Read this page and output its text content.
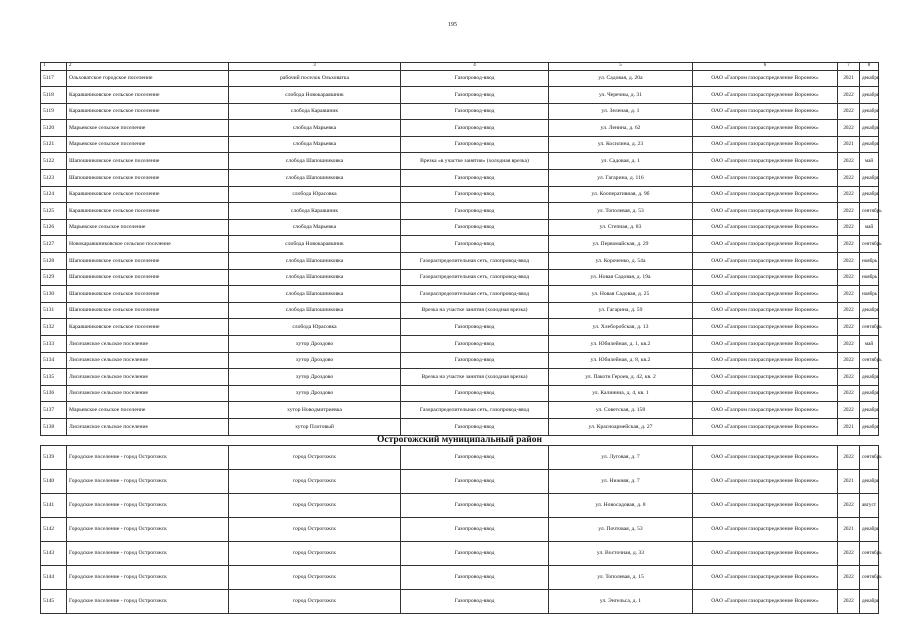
195
1	2	3	4	5	6	7	8
5117	Ольховатское городское поселение	рабочий поселок Ольховатка	Газопровод-ввод	ул. Садовая, д. 20а	ОАО «Газпром газораспределение Воронеж»	2021	декабрь
5118	Караяшниковское сельское поселение	слобода Новокараяшник	Газопровод-ввод	ул. Черечны, д. 31	ОАО «Газпром газораспределение Воронеж»	2022	декабрь
5119	Караяшниковское сельское поселение	слобода Караяшник	Газопровод-ввод	ул. Зеленая, д. 1	ОАО «Газпром газораспределение Воронеж»	2022	декабрь
5120	Марьевское сельское поселение	слобода Марьевка	Газопровод-ввод	ул. Ленина, д. 62	ОАО «Газпром газораспределение Воронеж»	2022	декабрь
5121	Марьевское сельское поселение	слобода Марьевка	Газопровод-ввод	ул. Косилина, д. 23	ОАО «Газпром газораспределение Воронеж»	2021	декабрь
5122	Шапошниковское сельское поселение	слобода Шапошниковка	Врезка «в участке занятия» (холодная врезка)	ул. Садовая, д. 1	ОАО «Газпром газораспределение Воронеж»	2022	май
5123	Шапошниковское сельское поселение	слобода Шапошниковка	Газопровод-ввод	ул. Гагарина, д. 116	ОАО «Газпром газораспределение Воронеж»	2022	декабрь
5124	Караяшниковское сельское поселение	слобода Юрасовка	Газопровод-ввод	ул. Кооперативная, д. 9б	ОАО «Газпром газораспределение Воронеж»	2022	декабрь
5125	Караяшниковское сельское поселение	слобода Караяшник	Газопровод-ввод	ул. Тополевая, д. 53	ОАО «Газпром газораспределение Воронеж»	2022	сентябрь
5126	Марьевское сельское поселение	слобода Марьевка	Газопровод-ввод	ул. Степная, д. 83	ОАО «Газпром газораспределение Воронеж»	2022	май
5127	Новокараяшниковское сельское поселение	слобода Новокараяшник	Газопровод-ввод	ул. Первомайская, д. 29	ОАО «Газпром газораспределение Воронеж»	2022	сентябрь
5128	Шапошниковское сельское поселение	слобода Шапошниковка	Газораспределительная сеть, газопровод-ввод	ул. Короченко, д. 54а	ОАО «Газпром газораспределение Воронеж»	2022	ноябрь
5129	Шапошниковское сельское поселение	слобода Шапошниковка	Газораспределительная сеть, газопровод-ввод	ул. Новая Садовая, д. 19а	ОАО «Газпром газораспределение Воронеж»	2022	ноябрь
5130	Шапошниковское сельское поселение	слобода Шапошниковка	Газораспределительная сеть, газопровод-ввод	ул. Новая Садовая, д. 25	ОАО «Газпром газораспределение Воронеж»	2022	ноябрь
5131	Шапошниковское сельское поселение	слобода Шапошниковка	Врезка на участке занятия (холодная врезка)	ул. Гагарина, д. 59	ОАО «Газпром газораспределение Воронеж»	2022	декабрь
5132	Караяшниковское сельское поселение	слобода Юрасовка	Газопровод-ввод	ул. Хлеборобская, д. 13	ОАО «Газпром газораспределение Воронеж»	2022	сентябрь
5133	Лисичанское сельское поселение	хутор Дроздово	Газопровод-ввод	ул. Юбилейная, д. 1, кв.2	ОАО «Газпром газораспределение Воронеж»	2022	май
5134	Лисичанское сельское поселение	хутор Дроздово	Газопровод-ввод	ул. Юбилейная, д. 8, кв.2	ОАО «Газпром газораспределение Воронеж»	2022	сентябрь
5135	Лисичанское сельское поселение	хутор Дроздово	Врезка на участке занятия (холодная врезка)	ул. Пакоти Героев, д. 42, кв. 2	ОАО «Газпром газораспределение Воронеж»	2022	декабрь
5136	Лисичанское сельское поселение	хутор Дроздово	Газопровод-ввод	ул. Калинина, д. 4, кв. 1	ОАО «Газпром газораспределение Воронеж»	2022	декабрь
5137	Марьевское сельское поселение	хутор Новодмитриевка	Газораспределительная сеть, газопровод-ввод	ул. Советская, д. 158	ОАО «Газпром газораспределение Воронеж»	2022	декабрь
5138	Лисичанское сельское поселение	хутор Плотовый	Газопровод-ввод	ул. Красноармейская, д. 27	ОАО «Газпром газораспределение Воронеж»	2021	декабрь
Острогожский муниципальный район							
5139	Городское поселение - город Острогожск	город Острогожск	Газопровод-ввод	ул. Луговая, д. 7	ОАО «Газпром газораспределение Воронеж»	2022	сентябрь
5140	Городское поселение - город Острогожск	город Острогожск	Газопровод-ввод	ул. Нижняя, д. 7	ОАО «Газпром газораспределение Воронеж»	2021	декабрь
5141	Городское поселение - город Острогожск	город Острогожск	Газопровод-ввод	ул. Новосадовая, д. 8	ОАО «Газпром газораспределение Воронеж»	2022	август
5142	Городское поселение - город Острогожск	город Острогожск	Газопровод-ввод	ул. Почтовая, д. 53	ОАО «Газпром газораспределение Воронеж»	2021	декабрь
5143	Городское поселение - город Острогожск	город Острогожск	Газопровод-ввод	ул. Восточная, д. 33	ОАО «Газпром газораспределение Воронеж»	2022	сентябрь
5144	Городское поселение - город Острогожск	город Острогожск	Газопровод-ввод	ул. Тополевая, д. 15	ОАО «Газпром газораспределение Воронеж»	2022	сентябрь
5145	Городское поселение - город Острогожск	город Острогожск	Газопровод-ввод	ул. Энгельса, д. 1	ОАО «Газпром газораспределение Воронеж»	2022	декабрь
